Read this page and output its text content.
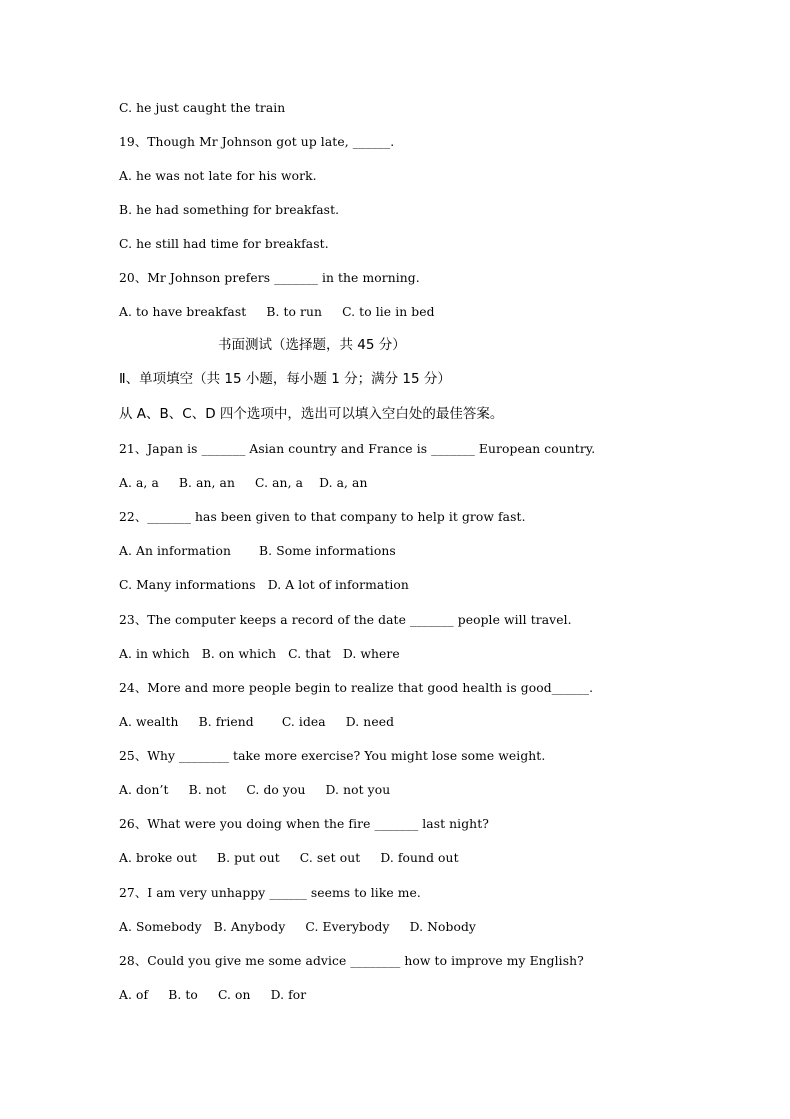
C. he just caught the train

19、Though Mr Johnson got up late, ______.

A. he was not late for his work.

B. he had something for breakfast.

C. he still had time for breakfast.

20、Mr Johnson prefers _______ in the morning.

A. to have breakfast     B. to run     C. to lie in bed

书面测试（选择题，共 45 分）

Ⅱ、单项填空（共 15 小题，每小题 1 分；满分 15 分）

从 A、B、C、D 四个选项中，选出可以填入空白处的最佳答案。

21、Japan is _______ Asian country and France is _______ European country.

A. a, a     B. an, an     C. an, a    D. a, an

22、_______ has been given to that company to help it grow fast.

A. An information       B. Some informations

C. Many informations   D. A lot of information

23、The computer keeps a record of the date _______ people will travel.

A. in which   B. on which   C. that   D. where

24、More and more people begin to realize that good health is good______.

A. wealth     B. friend       C. idea     D. need

25、Why ________ take more exercise? You might lose some weight.

A. don’t     B. not     C. do you     D. not you

26、What were you doing when the fire _______ last night?

A. broke out     B. put out     C. set out     D. found out

27、I am very unhappy ______ seems to like me.

A. Somebody   B. Anybody     C. Everybody     D. Nobody

28、Could you give me some advice ________ how to improve my English?

A. of     B. to     C. on     D. for
